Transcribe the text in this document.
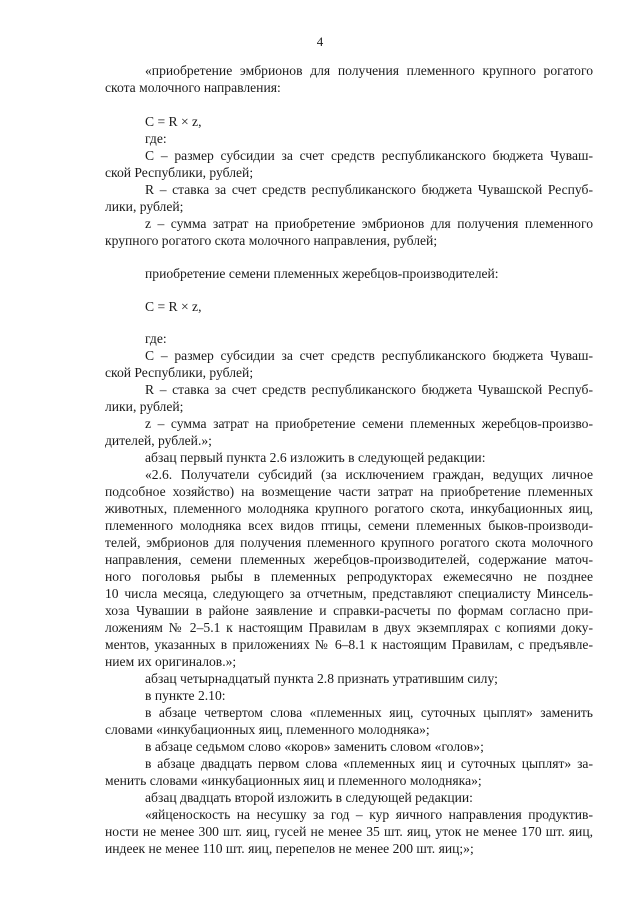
4
«приобретение эмбрионов для получения племенного крупного рогатого
скота молочного направления:
C = R × z,
где:
C – размер субсидии за счет средств республиканского бюджета Чуваш-
ской Республики, рублей;
R – ставка за счет средств республиканского бюджета Чувашской Респуб-
лики, рублей;
z – сумма затрат на приобретение эмбрионов для получения племенного
крупного рогатого скота молочного направления, рублей;
приобретение семени племенных жеребцов-производителей:
C = R × z,
где:
C – размер субсидии за счет средств республиканского бюджета Чуваш-
ской Республики, рублей;
R – ставка за счет средств республиканского бюджета Чувашской Респуб-
лики, рублей;
z – сумма затрат на приобретение семени племенных жеребцов-произво-
дителей, рублей.»;
абзац первый пункта 2.6 изложить в следующей редакции:
«2.6. Получатели субсидий (за исключением граждан, ведущих личное
подсобное хозяйство) на возмещение части затрат на приобретение племенных
животных, племенного молодняка крупного рогатого скота, инкубационных яиц,
племенного молодняка всех видов птицы, семени племенных быков-производи-
телей, эмбрионов для получения племенного крупного рогатого скота молочного
направления, семени племенных жеребцов-производителей, содержание маточ-
ного поголовья рыбы в племенных репродукторах ежемесячно не позднее
10 числа месяца, следующего за отчетным, представляют специалисту Минсель-
хоза Чувашии в районе заявление и справки-расчеты по формам согласно при-
ложениям № 2–5.1 к настоящим Правилам в двух экземплярах с копиями доку-
ментов, указанных в приложениях № 6–8.1 к настоящим Правилам, с предъявле-
нием их оригиналов.»;
абзац четырнадцатый пункта 2.8 признать утратившим силу;
в пункте 2.10:
в абзаце четвертом слова «племенных яиц, суточных цыплят» заменить
словами «инкубационных яиц, племенного молодняка»;
в абзаце седьмом слово «коров» заменить словом «голов»;
в абзаце двадцать первом слова «племенных яиц и суточных цыплят» за-
менить словами «инкубационных яиц и племенного молодняка»;
абзац двадцать второй изложить в следующей редакции:
«яйценоскость на несушку за год – кур яичного направления продуктив-
ности не менее 300 шт. яиц, гусей не менее 35 шт. яиц, уток не менее 170 шт. яиц,
индеек не менее 110 шт. яиц, перепелов не менее 200 шт. яиц;»;
